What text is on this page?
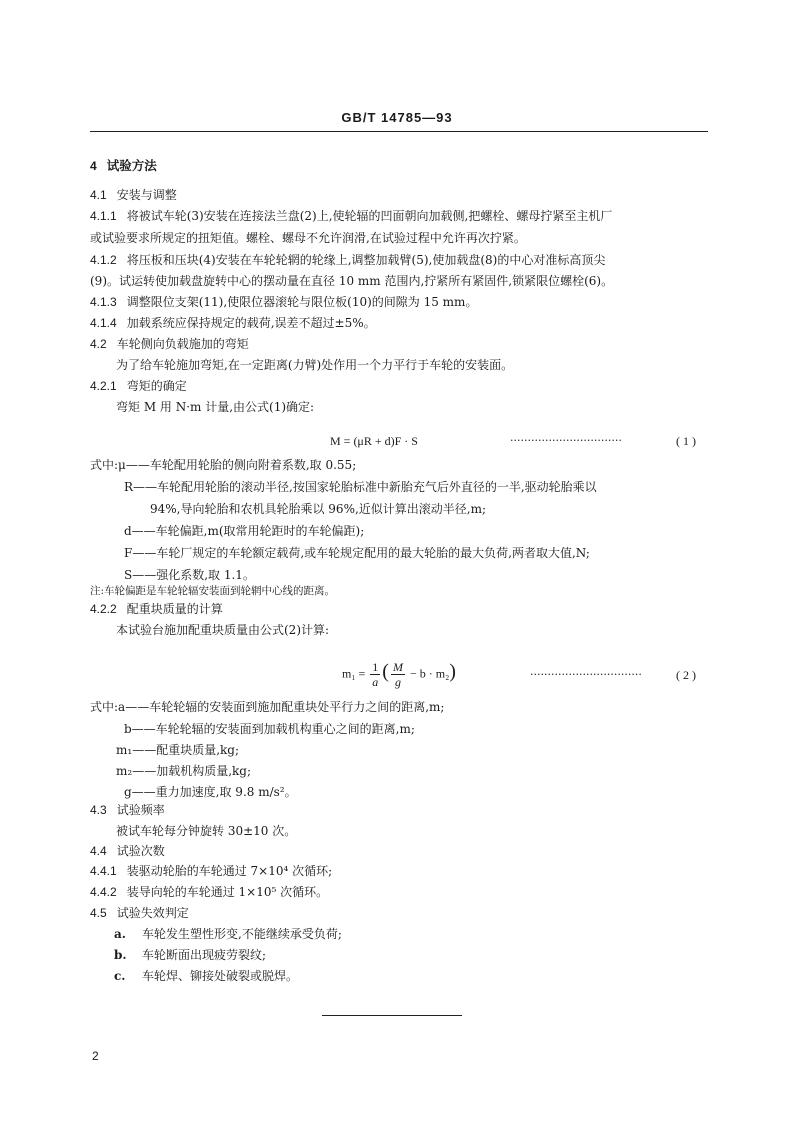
GB/T 14785—93
4 试验方法
4.1 安装与调整
4.1.1 将被试车轮(3)安装在连接法兰盘(2)上,使轮辐的凹面朝向加载侧,把螺栓、螺母拧紧至主机厂
或试验要求所规定的扭矩值。螺栓、螺母不允许润滑,在试验过程中允许再次拧紧。
4.1.2 将压板和压块(4)安装在车轮轮辋的轮缘上,调整加载臂(5),使加载盘(8)的中心对准标高顶尖
(9)。试运转使加载盘旋转中心的摆动量在直径 10 mm 范围内,拧紧所有紧固件,锁紧限位螺栓(6)。
4.1.3 调整限位支架(11),使限位器滚轮与限位板(10)的间隙为 15 mm。
4.1.4 加载系统应保持规定的载荷,误差不超过±5%。
4.2 车轮侧向负载施加的弯矩
为了给车轮施加弯矩,在一定距离(力臂)处作用一个力平行于车轮的安装面。
4.2.1 弯矩的确定
弯矩 M 用 N·m 计量,由公式(1)确定:
M = (μR + d)F · S	································	( 1 )
式中:μ——车轮配用轮胎的侧向附着系数,取 0.55;
R——车轮配用轮胎的滚动半径,按国家轮胎标准中新胎充气后外直径的一半,驱动轮胎乘以
94%,导向轮胎和农机具轮胎乘以 96%,近似计算出滚动半径,m;
d——车轮偏距,m(取常用轮距时的车轮偏距);
F——车轮厂规定的车轮额定载荷,或车轮规定配用的最大轮胎的最大负荷,两者取大值,N;
S——强化系数,取 1.1。
注:车轮偏距是车轮轮辐安装面到轮辋中心线的距离。
4.2.2 配重块质量的计算
本试验台施加配重块质量由公式(2)计算:
$m_1 = \frac{1}{a}$ ( $\frac{M}{g} - b \cdot m_2$)	································	( 2 )
式中:a——车轮轮辐的安装面到施加配重块处平行力之间的距离,m;
b——车轮轮辐的安装面到加载机构重心之间的距离,m;
m₁——配重块质量,kg;
m₂——加载机构质量,kg;
g——重力加速度,取 9.8 m/s²。
4.3 试验频率
被试车轮每分钟旋转 30±10 次。
4.4 试验次数
4.4.1 装驱动轮胎的车轮通过 7×10⁴ 次循环;
4.4.2 装导向轮的车轮通过 1×10⁵ 次循环。
4.5 试验失效判定
a. 车轮发生塑性形变,不能继续承受负荷;
b. 车轮断面出现疲劳裂纹;
c. 车轮焊、铆接处破裂或脱焊。
2
